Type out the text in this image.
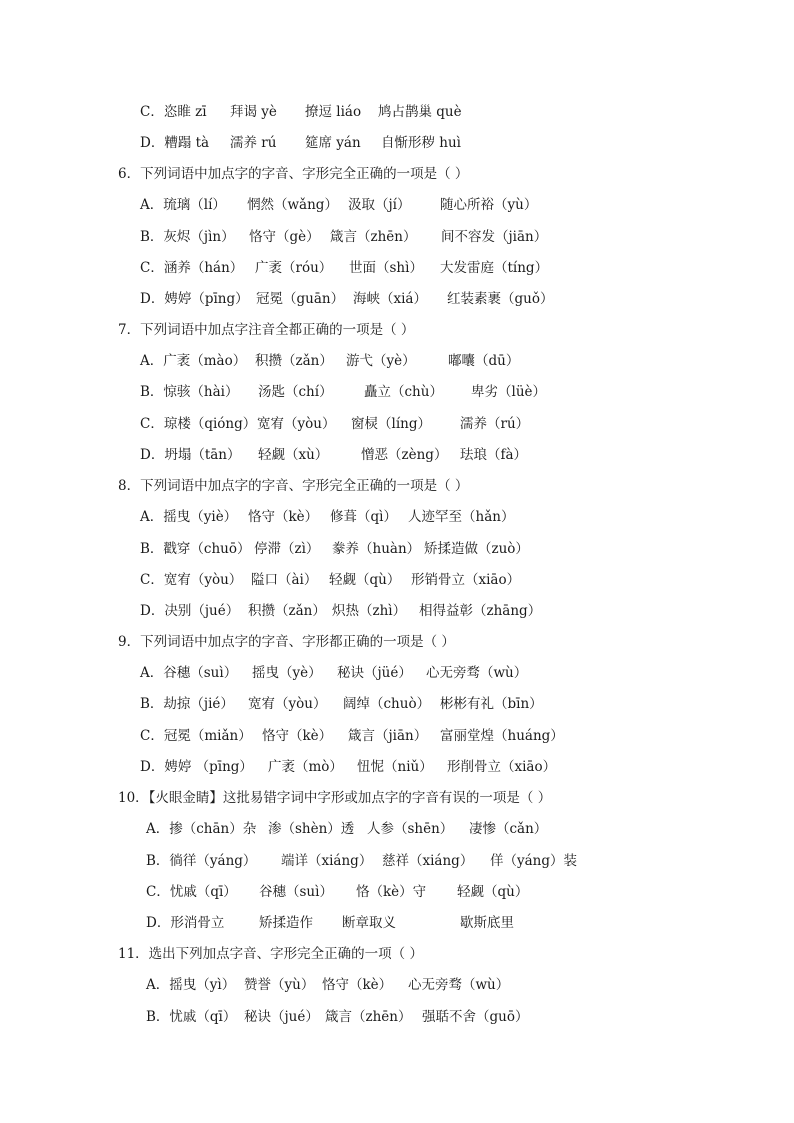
C．恣睢 zī 拜谒 yè 撩逗 liáo 鸠占鹊巢 què
D．糟蹋 tà 濡养 rú 筵席 yán 自惭形秽 huì
6．下列词语中加点字的字音、字形完全正确的一项是（ ）
A．琉璃（lí） 惘然（wǎng） 汲取（jí） 随心所裕（yù）
B．灰烬（jìn） 恪守（gè） 箴言（zhēn） 间不容发（jiān）
C．涵养（hán） 广袤（róu） 世面（shì） 大发雷庭（tíng）
D．娉婷（pīng） 冠冕（guān） 海峡（xiá） 红装素裹（guǒ）
7．下列词语中加点字注音全都正确的一项是（ ）
A．广袤（mào） 积攒（zǎn） 游弋（yè） 嘟囔（dū）
B．惊骇（hài） 汤匙（chí） 矗立（chù） 卑劣（lüè）
C．琼楼（qióng） 宽宥（yòu） 窗棂（líng） 濡养（rú）
D．坍塌（tān） 轻觑（xù） 憎恶（zèng） 珐琅（fà）
8．下列词语中加点字的字音、字形完全正确的一项是（ ）
A．摇曳（yiè） 恪守（kè） 修葺（qì） 人迹罕至（hǎn）
B．戳穿（chuō） 停滞（zì） 豢养（huàn） 矫揉造做（zuò）
C．宽宥（yòu） 隘口（ài） 轻觑（qù） 形销骨立（xiāo）
D．决别（jué） 积攒（zǎn） 炽热（zhì） 相得益彰（zhāng）
9．下列词语中加点字的字音、字形都正确的一项是（ ）
A．谷穗（suì） 摇曳（yè） 秘诀（jüé） 心无旁骛（wù）
B．劫掠（jié） 宽宥（yòu） 阔绰（chuò） 彬彬有礼（bīn）
C．冠冕（miǎn） 恪守（kè） 箴言（jiān） 富丽堂煌（huáng）
D．娉婷 （pīng） 广袤（mò） 忸怩（niǔ） 形削骨立（xiāo）
10．【火眼金睛】这批易错字词中字形或加点字的字音有误的一项是（ ）
A．掺（chān）杂 渗（shèn）透 人参（shēn） 凄惨（cǎn）
B．徜徉（yáng） 端详（xiáng） 慈祥（xiáng） 佯（yáng）装
C．忧戚（qī） 谷穗（suì） 恪（kè）守 轻觑（qù）
D．形消骨立	矫揉造作 断章取义	歇斯底里
11．选出下列加点字音、字形完全正确的一项（ ）
A．摇曳（yì） 赞誉（yù） 恪守（kè） 心无旁骛（wù）
B．忧戚（qī） 秘诀（jué） 箴言（zhēn） 强聒不舍（guō）
